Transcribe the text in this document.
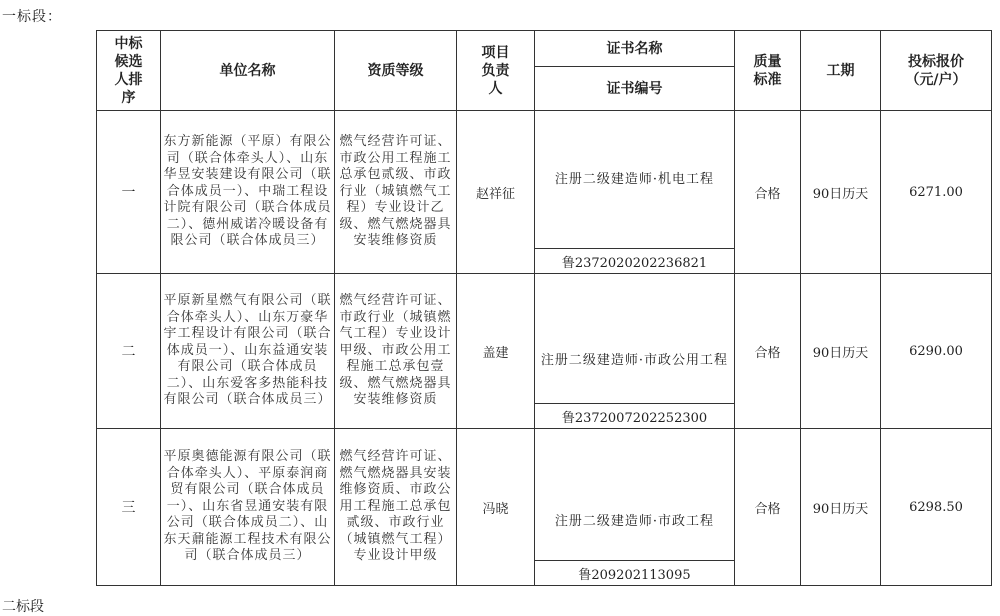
一标段：
中标候选人排序	单位名称	资质等级	项目负责人	证书名称	质量标准	工期	投标报价（元/户）
				证书编号			
一	东方新能源（平原）有限公司（联合体牵头人）、山东华昱安装建设有限公司（联合体成员一）、中瑞工程设计院有限公司（联合体成员二）、德州威诺冷暖设备有限公司（联合体成员三）	燃气经营许可证、市政公用工程施工总承包贰级、市政行业（城镇燃气工程）专业设计乙级、燃气燃烧器具安装维修资质	赵祥征	注册二级建造师·机电工程	合格	90日历天	6271.00
				鲁2372020202236821			
二	平原新星燃气有限公司（联合体牵头人）、山东万豪华宇工程设计有限公司（联合体成员一）、山东益通安装有限公司（联合体成员二）、山东爱客多热能科技有限公司（联合体成员三）	燃气经营许可证、市政行业（城镇燃气工程）专业设计甲级、市政公用工程施工总承包壹级、燃气燃烧器具安装维修资质	盖建	注册二级建造师·市政公用工程	合格	90日历天	6290.00
				鲁2372007202252300			
三	平原奥德能源有限公司（联合体牵头人）、平原泰润商贸有限公司（联合体成员一）、山东省昱通安装有限公司（联合体成员二）、山东天鼐能源工程技术有限公司（联合体成员三）	燃气经营许可证、燃气燃烧器具安装维修资质、市政公用工程施工总承包贰级、市政行业（城镇燃气工程）专业设计甲级	冯晓	注册二级建造师·市政工程	合格	90日历天	6298.50
				鲁209202113095			
二标段
